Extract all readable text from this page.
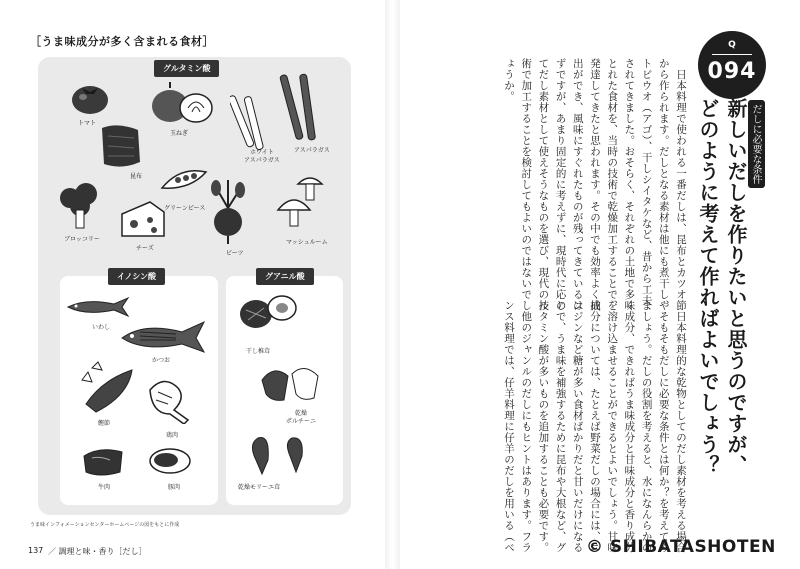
［うま味成分が多く含まれる食材］
グルタミン酸
トマト
玉ねぎ
ホワイト
アスパラガス
アスパラガス
昆布
グリーンピース
ブロッコリー
チーズ
ビーツ
マッシュルーム
イノシン酸
いわし
かつお
鰹節
鶏肉
牛肉	豚肉
グアニル酸
干し椎茸
乾燥
ポルチーニ
乾燥モリーユ茸
うま味インフォメーションセンターホームページの図をもとに作成
137 ／ 調理と味・香り［だし］
Q
094
だしに必要な条件
新しいだしを作りたいと思うのですが、
どのように考えて作ればよいでしょう？
　日本料理で使われる一番だしは、昆布とカツオ節
から作られます。だしとなる素材は他にも煮干しや
トビウオ（アゴ）、干しシイタケなど、昔から工夫
されてきました。おそらく、それぞれの土地で多く
とれた食材を、当時の技術で乾燥加工することで、
発達してきたと思われます。その中でも効率よく抽
出ができ、風味にすぐれたものが残ってきているは
ずですが、あまり固定的に考えずに、現時代に応じ
てだし素材として使えそうなものを選び、現代の技
術で加工することを検討してもよいのではないでし
ょうか。
　日本料理的な乾物としてのだし素材を考える場合
、そもそもだしに必要な条件とは何か？を考えてみ
ましょう。だしの役割を考えると、水になんらかの
味成分、できればうま味成分と甘味成分と香り成分
を溶け込ませることができるとよいでしょう。甘味
成分については、たとえば野菜だしの場合には、ニ
ンジンなど糖が多い食材ばかりだと甘いだけになる
ので、うま味を補強するために昆布や大根など、グ
ルタミン酸が多いものを追加することも必要です。
　他のジャンルのだしにもヒントはあります。フラ
ンス料理では、仔羊料理に仔羊のだしを用いる（ベ	© SHIBATASHOTEN
